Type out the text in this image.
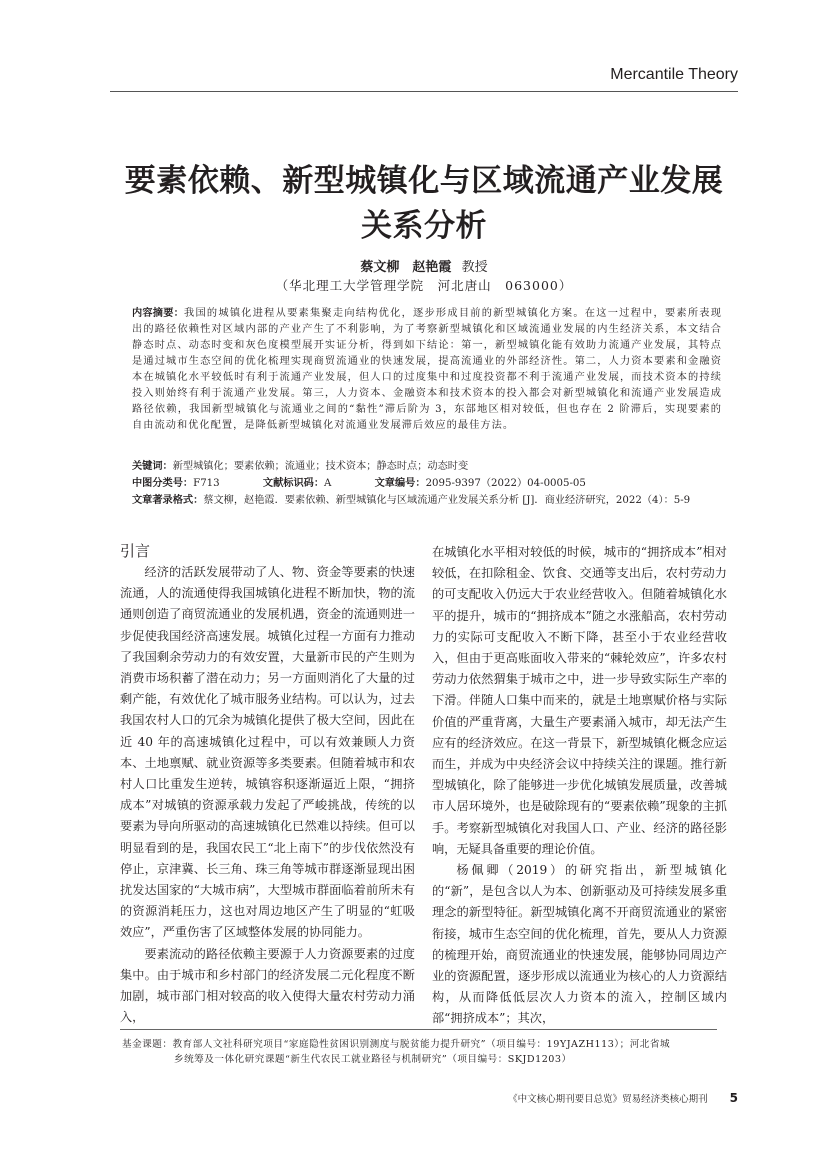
Mercantile Theory
要素依赖、新型城镇化与区域流通产业发展关系分析
蔡文柳　赵艳霞 教授
（华北理工大学管理学院　河北唐山　063000）
内容摘要：我国的城镇化进程从要素集聚走向结构优化，逐步形成目前的新型城镇化方案。在这一过程中，要素所表现出的路径依赖性对区域内部的产业产生了不利影响，为了考察新型城镇化和区域流通业发展的内生经济关系，本文结合静态时点、动态时变和灰色度模型展开实证分析，得到如下结论：第一，新型城镇化能有效助力流通产业发展，其特点是通过城市生态空间的优化梳理实现商贸流通业的快速发展，提高流通业的外部经济性。第二，人力资本要素和金融资本在城镇化水平较低时有利于流通产业发展，但人口的过度集中和过度投资都不利于流通产业发展，而技术资本的持续投入则始终有利于流通产业发展。第三，人力资本、金融资本和技术资本的投入都会对新型城镇化和流通产业发展造成路径依赖，我国新型城镇化与流通业之间的“黏性”滞后阶为 3，东部地区相对较低，但也存在 2 阶滞后，实现要素的自由流动和优化配置，是降低新型城镇化对流通业发展滞后效应的最佳方法。
关键词：新型城镇化；要素依赖；流通业；技术资本；静态时点；动态时变
中图分类号：F713	文献标识码：A	文章编号：2095-9397（2022）04-0005-05
文章著录格式：蔡文柳，赵艳霞．要素依赖、新型城镇化与区域流通产业发展关系分析 [J]．商业经济研究，2022（4）：5-9
引言

经济的活跃发展带动了人、物、资金等要素的快速流通，人的流通使得我国城镇化进程不断加快，物的流通则创造了商贸流通业的发展机遇，资金的流通则进一步促使我国经济高速发展。城镇化过程一方面有力推动了我国剩余劳动力的有效安置，大量新市民的产生则为消费市场积蓄了潜在动力；另一方面则消化了大量的过剩产能，有效优化了城市服务业结构。可以认为，过去我国农村人口的冗余为城镇化提供了极大空间，因此在近 40 年的高速城镇化过程中，可以有效兼顾人力资本、土地禀赋、就业资源等多类要素。但随着城市和农村人口比重发生逆转，城镇容积逐渐逼近上限，“拥挤成本”对城镇的资源承载力发起了严峻挑战，传统的以要素为导向所驱动的高速城镇化已然难以持续。但可以明显看到的是，我国农民工“北上南下”的步伐依然没有停止，京津冀、长三角、珠三角等城市群逐渐显现出困扰发达国家的“大城市病”，大型城市群面临着前所未有的资源消耗压力，这也对周边地区产生了明显的“虹吸效应”，严重伤害了区域整体发展的协同能力。

要素流动的路径依赖主要源于人力资源要素的过度集中。由于城市和乡村部门的经济发展二元化程度不断加剧，城市部门相对较高的收入使得大量农村劳动力涌入，

在城镇化水平相对较低的时候，城市的“拥挤成本”相对较低，在扣除租金、饮食、交通等支出后，农村劳动力的可支配收入仍远大于农业经营收入。但随着城镇化水平的提升，城市的“拥挤成本”随之水涨船高，农村劳动力的实际可支配收入不断下降，甚至小于农业经营收入，但由于更高账面收入带来的“棘轮效应”，许多农村劳动力依然猬集于城市之中，进一步导致实际生产率的下滑。伴随人口集中而来的，就是土地禀赋价格与实际价值的严重背离，大量生产要素涌入城市，却无法产生应有的经济效应。在这一背景下，新型城镇化概念应运而生，并成为中央经济会议中持续关注的课题。推行新型城镇化，除了能够进一步优化城镇发展质量，改善城市人居环境外，也是破除现有的“要素依赖”现象的主抓手。考察新型城镇化对我国人口、产业、经济的路径影响，无疑具备重要的理论价值。

杨佩卿（2019）的研究指出，新型城镇化的“新”，是包含以人为本、创新驱动及可持续发展多重理念的新型特征。新型城镇化离不开商贸流通业的紧密衔接，城市生态空间的优化梳理，首先，要从人力资源的梳理开始，商贸流通业的快速发展，能够协同周边产业的资源配置，逐步形成以流通业为核心的人力资源结构，从而降低低层次人力资本的流入，控制区域内部“拥挤成本”；其次，

基金课题：教育部人文社科研究项目“家庭隐性贫困识别测度与脱贫能力提升研究”（项目编号：19YJAZH113）；河北省城
乡统筹及一体化研究课题“新生代农民工就业路径与机制研究”（项目编号：SKJD1203）
《中文核心期刊要目总览》贸易经济类核心期刊 5
